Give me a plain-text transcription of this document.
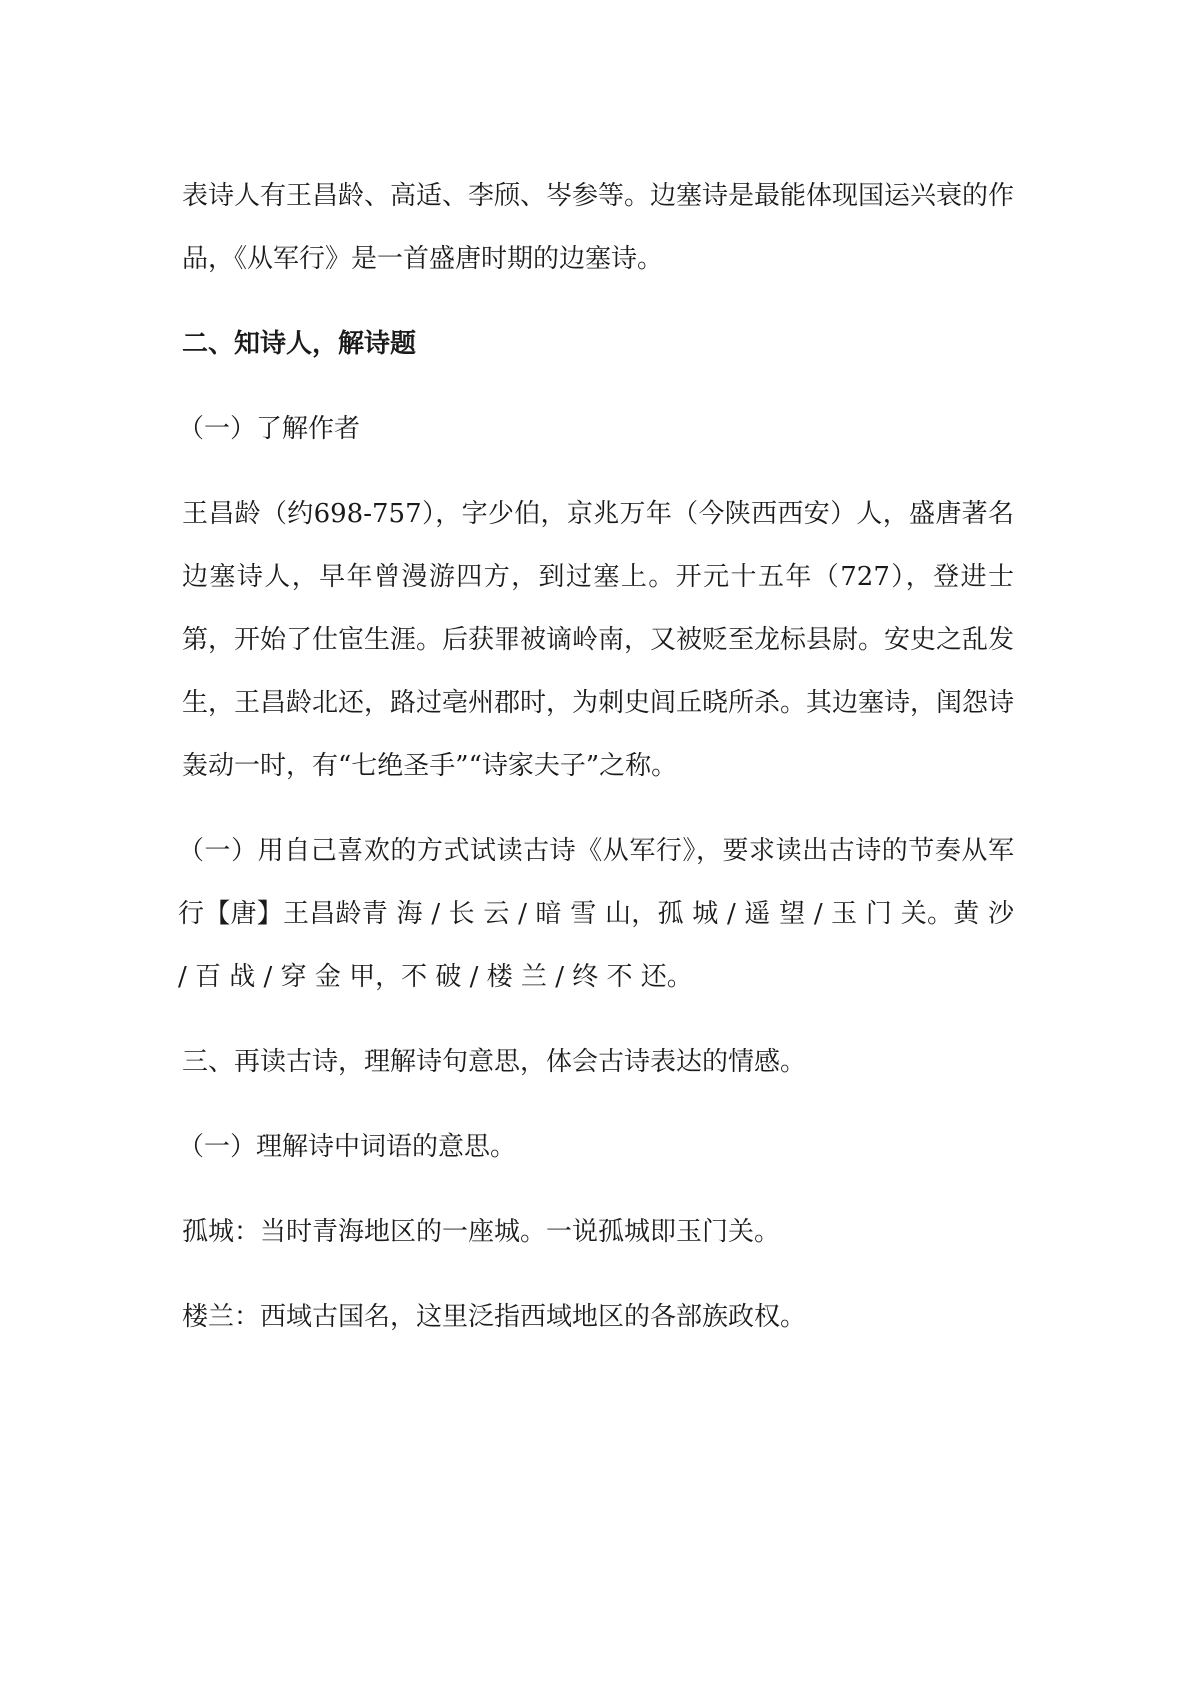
表诗人有王昌龄、高适、李颀、岑参等。边塞诗是最能体现国运兴衰的作品，《从军行》是一首盛唐时期的边塞诗。

二、知诗人，解诗题

（一）了解作者

王昌龄（约698-757），字少伯，京兆万年（今陕西西安）人，盛唐著名边塞诗人，早年曾漫游四方，到过塞上。开元十五年（727），登进士第，开始了仕宦生涯。后获罪被谪岭南，又被贬至龙标县尉。安史之乱发生，王昌龄北还，路过亳州郡时，为刺史闾丘晓所杀。其边塞诗，闺怨诗轰动一时，有“七绝圣手”“诗家夫子”之称。

（一）用自己喜欢的方式试读古诗《从军行》，要求读出古诗的节奏从军行【唐】王昌龄青 海 / 长 云 / 暗 雪 山，孤 城 / 遥 望 / 玉 门 关。黄 沙 / 百 战 / 穿 金 甲，不 破 / 楼 兰 / 终 不 还。

三、再读古诗，理解诗句意思，体会古诗表达的情感。

（一）理解诗中词语的意思。

孤城：当时青海地区的一座城。一说孤城即玉门关。

楼兰：西域古国名，这里泛指西域地区的各部族政权。
